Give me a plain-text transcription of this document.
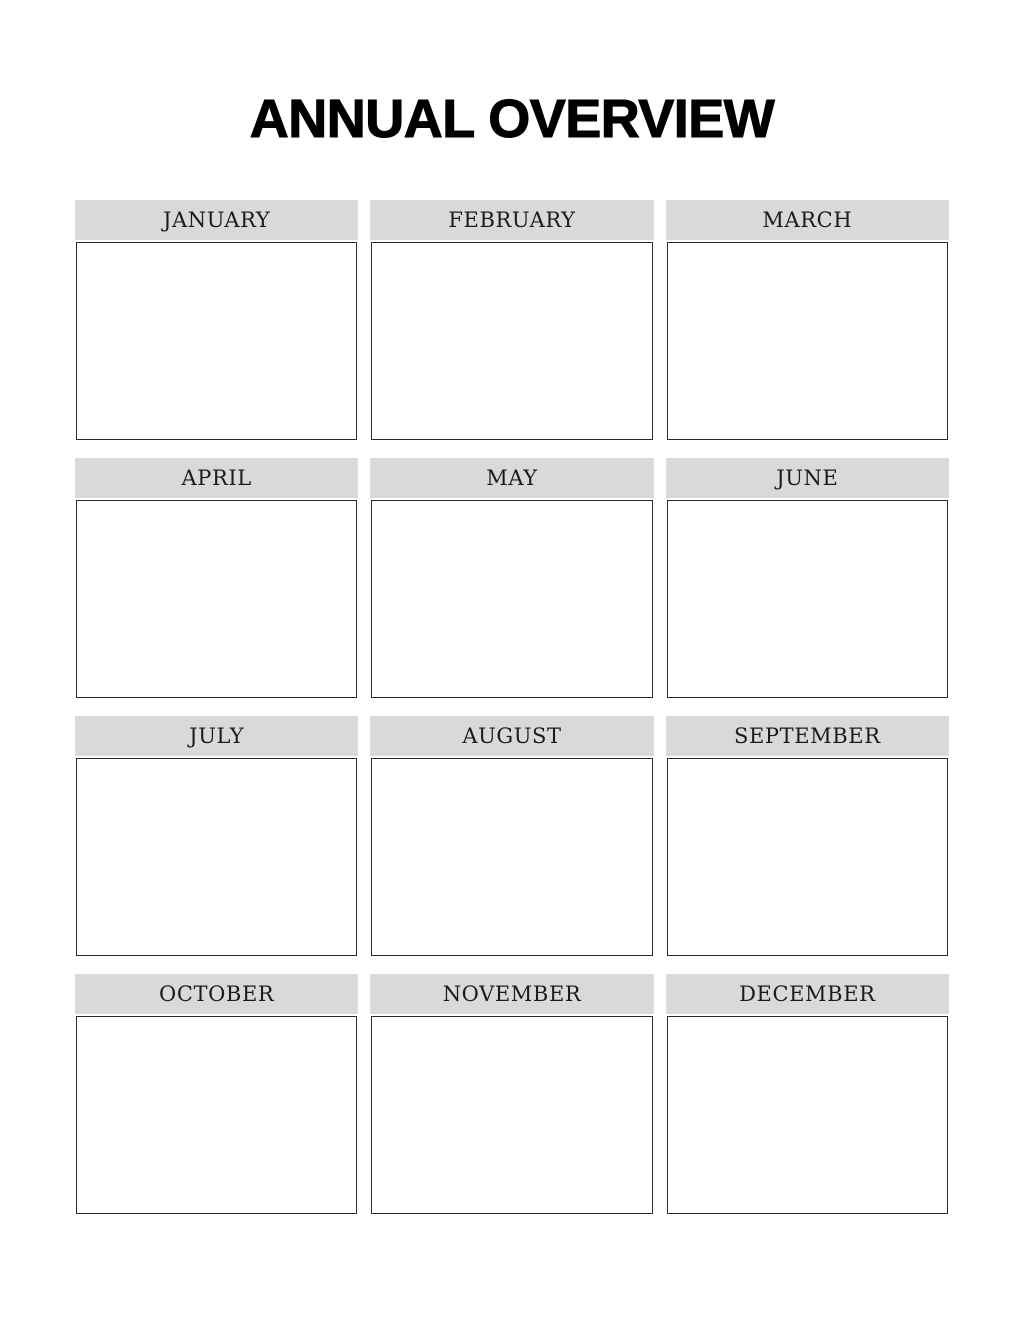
ANNUAL OVERVIEW
JANUARY	FEBRUARY	MARCH
APRIL	MAY	JUNE
JULY	AUGUST	SEPTEMBER
OCTOBER	NOVEMBER	DECEMBER
